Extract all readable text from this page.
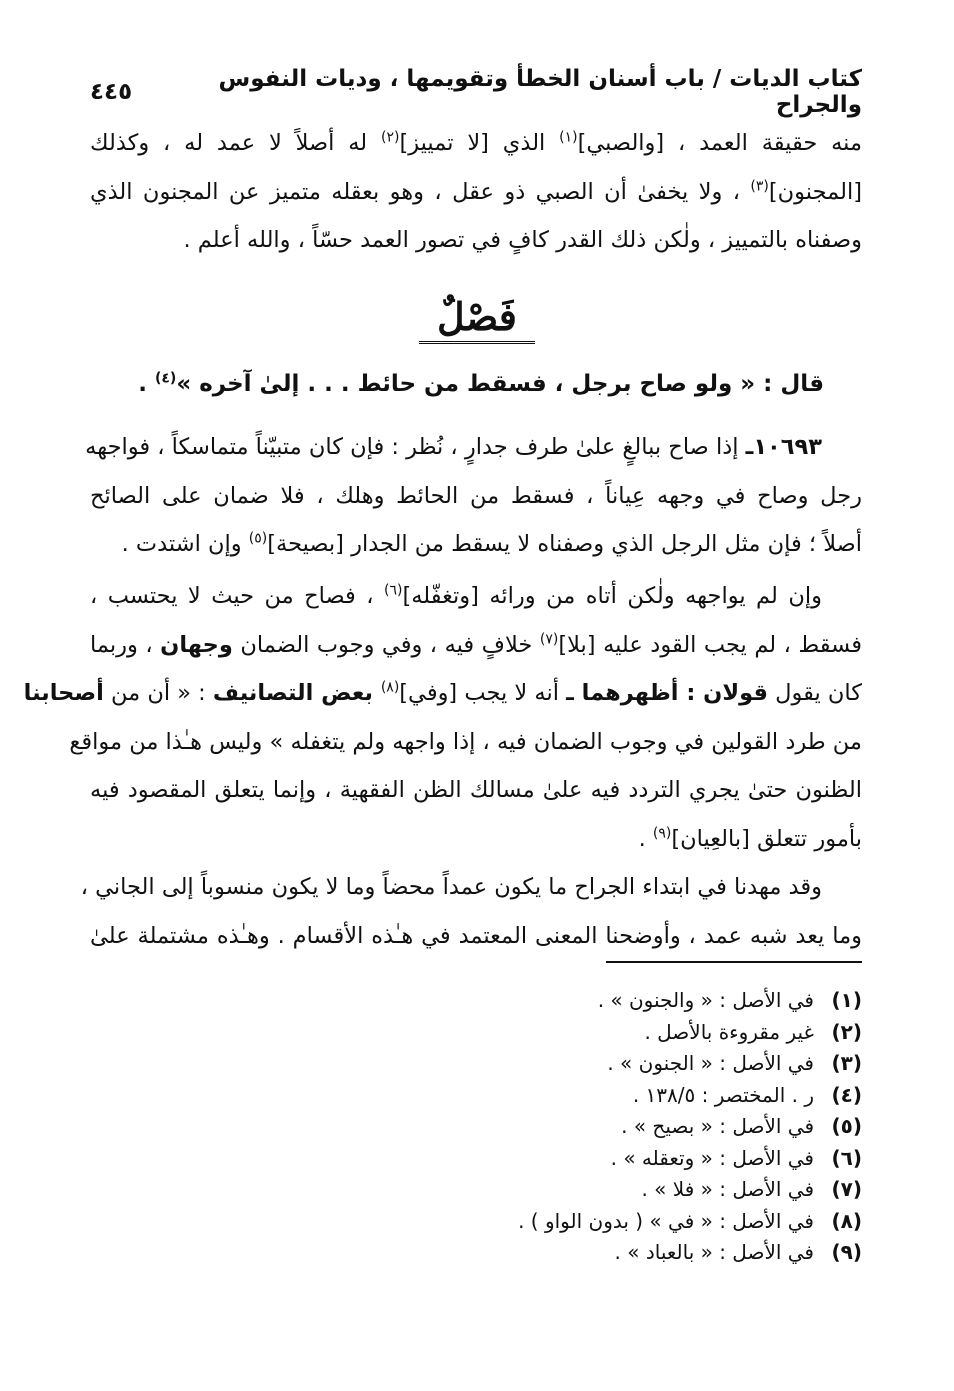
كتاب الديات / باب أسنان الخطأ وتقويمها ، وديات النفوس والجراح
٤٤٥
منه حقيقة العمد ، [والصبي]$^{(١)}$ الذي [لا تمييز]$^{(٢)}$ له أصلاً لا عمد له ، وكذلك
[المجنون]$^{(٣)}$ ، ولا يخفىٰ أن الصبي ذو عقل ، وهو بعقله متميز عن المجنون الذي
وصفناه بالتمييز ، ولٰكن ذلك القدر كافٍ في تصور العمد حسّاً ، والله أعلم .
فَصْلٌ
قال : « ولو صاح برجل ، فسقط من حائط . . . إلىٰ آخره »$^{(٤)}$ .
١٠٦٩٣ـ إذا صاح ببالغٍ علىٰ طرف جدارٍ ، نُظر : فإن كان متبيّناً متماسكاً ، فواجهه
رجل وصاح في وجهه عِياناً ، فسقط من الحائط وهلك ، فلا ضمان على الصائح
أصلاً ؛ فإن مثل الرجل الذي وصفناه لا يسقط من الجدار [بصيحة]$^{(٥)}$ وإن اشتدت .
وإن لم يواجهه ولٰكن أتاه من ورائه [وتغفّله]$^{(٦)}$ ، فصاح من حيث لا يحتسب ،
فسقط ، لم يجب القود عليه [بلا]$^{(٧)}$ خلافٍ فيه ، وفي وجوب الضمان وجهان ، وربما
كان يقول قولان : أظهرهما ـ أنه لا يجب [وفي]$^{(٨)}$ بعض التصانيف : « أن من أصحابنا
من طرد القولين في وجوب الضمان فيه ، إذا واجهه ولم يتغفله » وليس هـٰذا من مواقع
الظنون حتىٰ يجري التردد فيه علىٰ مسالك الظن الفقهية ، وإنما يتعلق المقصود فيه
بأمور تتعلق [بالعِيان]$^{(٩)}$ .
وقد مهدنا في ابتداء الجراح ما يكون عمداً محضاً وما لا يكون منسوباً إلى الجاني ،
وما يعد شبه عمد ، وأوضحنا المعنى المعتمد في هـٰذه الأقسام . وهـٰذه مشتملة علىٰ
(١)في الأصل : « والجنون » .
(٢)غير مقروءة بالأصل .
(٣)في الأصل : « الجنون » .
(٤)ر . المختصر : ١٣٨/٥ .
(٥)في الأصل : « بصيح » .
(٦)في الأصل : « وتعقله » .
(٧)في الأصل : « فلا » .
(٨)في الأصل : « في » ( بدون الواو ) .
(٩)في الأصل : « بالعباد » .
